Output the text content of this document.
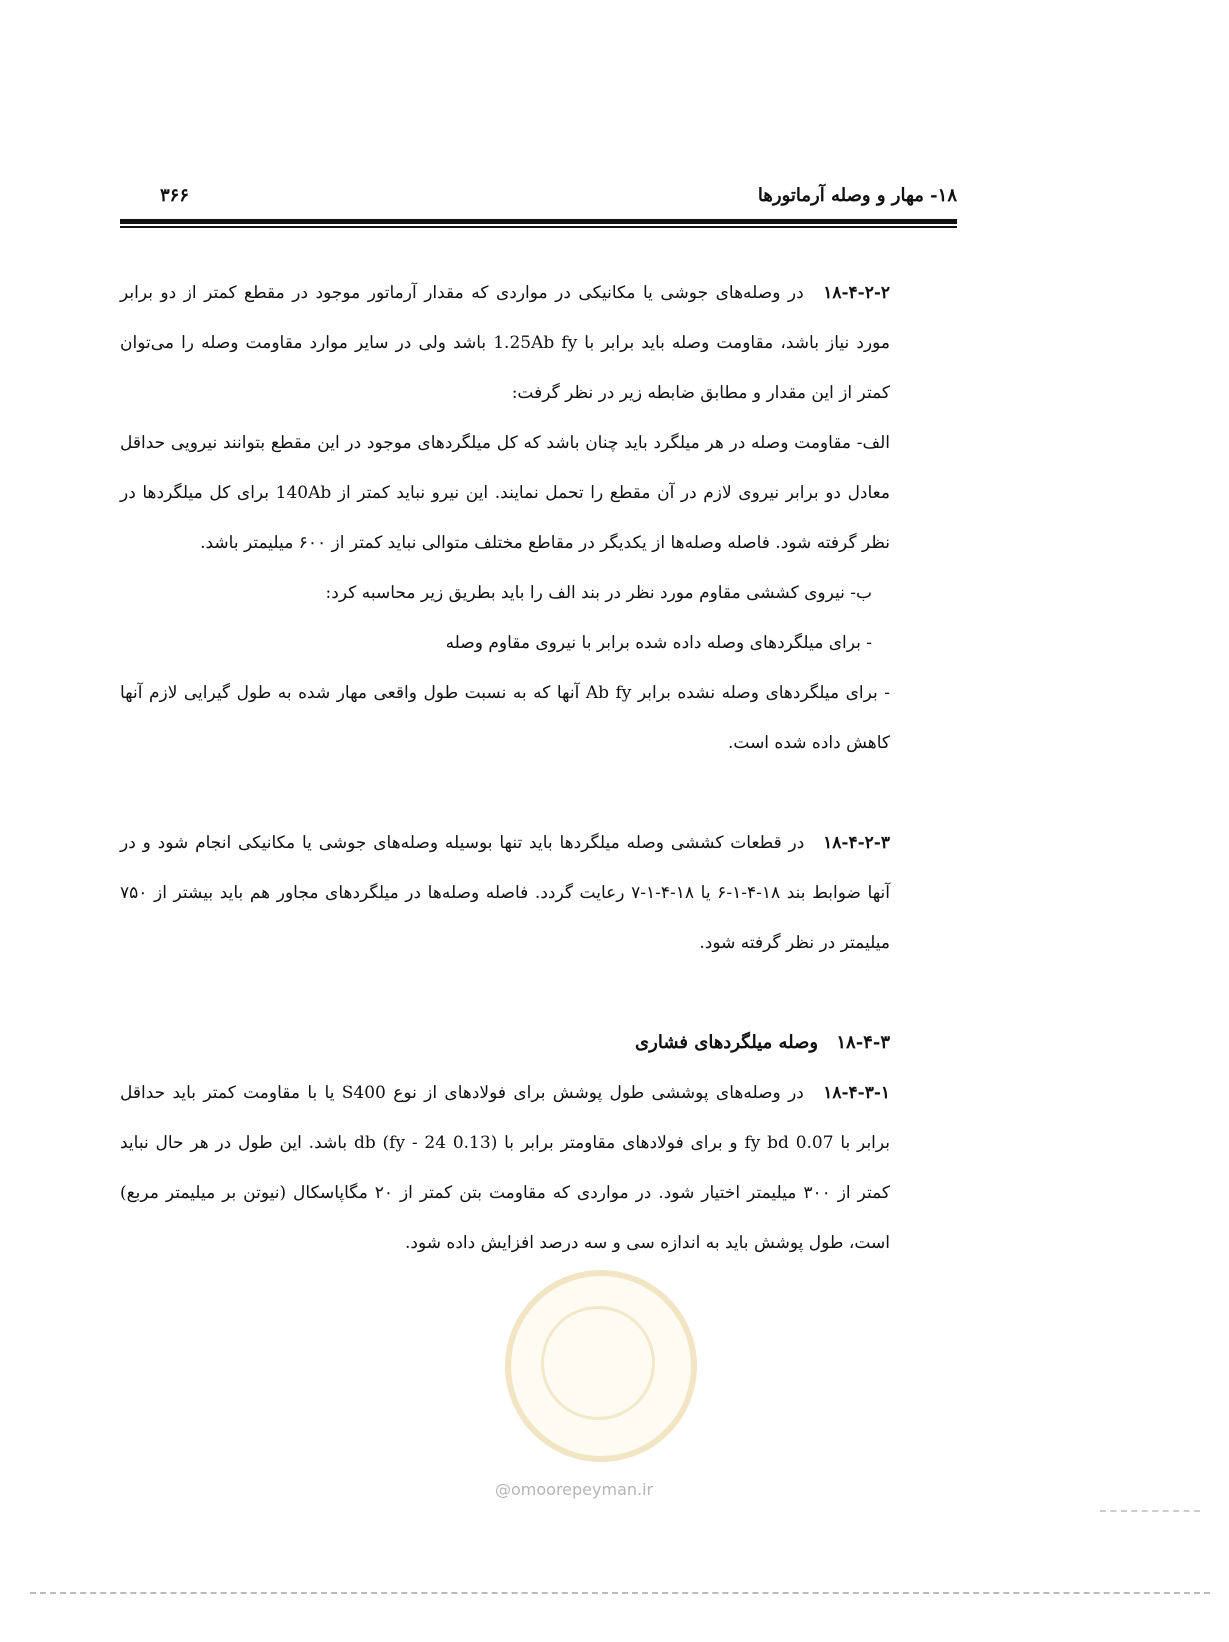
۱۸- مهار و وصله آرماتورها
۳۶۶

۱۸-۴-۲-۲ در وصله‌های جوشی یا مکانیکی در مواردی که مقدار آرماتور موجود در مقطع کمتر از دو برابر مورد نیاز باشد، مقاومت وصله باید برابر با 1.25Ab fy باشد ولی در سایر موارد مقاومت وصله را می‌توان کمتر از این مقدار و مطابق ضابطه زیر در نظر گرفت:

الف- مقاومت وصله در هر میلگرد باید چنان باشد که کل میلگردهای موجود در این مقطع بتوانند نیرویی حداقل معادل دو برابر نیروی لازم در آن مقطع را تحمل نمایند. این نیرو نباید کمتر از 140Ab برای کل میلگردها در نظر گرفته شود. فاصله وصله‌ها از یکدیگر در مقاطع مختلف متوالی نباید کمتر از ۶۰۰ میلیمتر باشد.

ب- نیروی کششی مقاوم مورد نظر در بند الف را باید بطریق زیر محاسبه کرد:

- برای میلگردهای وصله داده شده برابر با نیروی مقاوم وصله

- برای میلگردهای وصله نشده برابر Ab fy آنها که به نسبت طول واقعی مهار شده به طول گیرایی لازم آنها کاهش داده شده است.

۱۸-۴-۲-۳ در قطعات کششی وصله میلگردها باید تنها بوسیله وصله‌های جوشی یا مکانیکی انجام شود و در آنها ضوابط بند ۱۸-۴-۱-۶ یا ۱۸-۴-۱-۷ رعایت گردد. فاصله وصله‌ها در میلگردهای مجاور هم باید بیشتر از ۷۵۰ میلیمتر در نظر گرفته شود.

۱۸-۴-۳ وصله میلگردهای فشاری

۱۸-۴-۳-۱ در وصله‌های پوششی طول پوشش برای فولادهای از نوع S400 یا با مقاومت کمتر باید حداقل برابر با 0.07 fy bd و برای فولادهای مقاومتر برابر با (0.13 fy - 24) db باشد. این طول در هر حال نباید کمتر از ۳۰۰ میلیمتر اختیار شود. در مواردی که مقاومت بتن کمتر از ۲۰ مگاپاسکال (نیوتن بر میلیمتر مربع) است، طول پوشش باید به اندازه سی و سه درصد افزایش داده شود.

@omoorepeyman.ir
